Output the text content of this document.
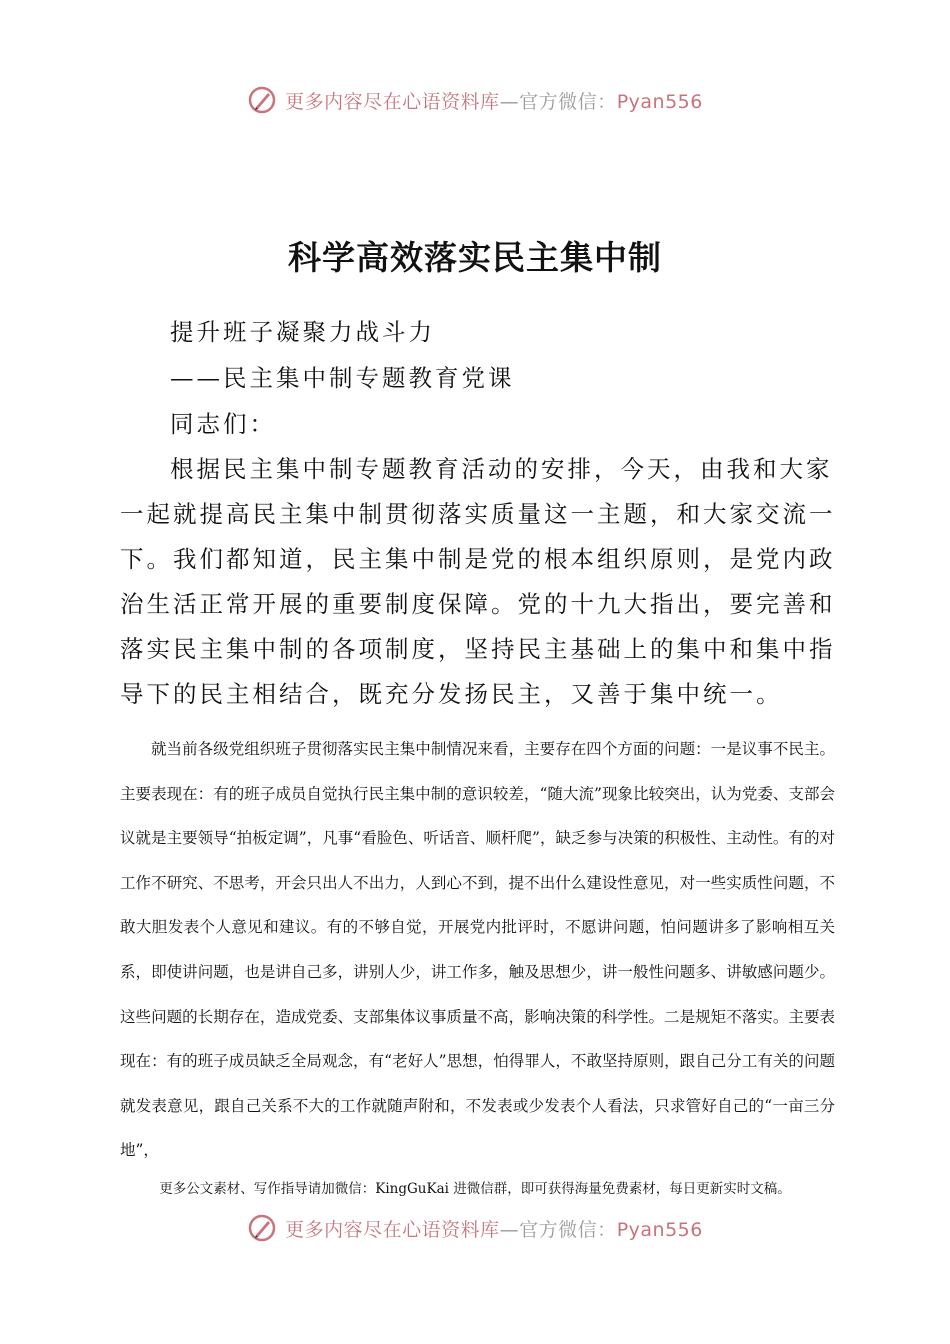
更多内容尽在心语资料库—官方微信：Pyan556
科学高效落实民主集中制

提升班子凝聚力战斗力

——民主集中制专题教育党课

同志们：

根据民主集中制专题教育活动的安排，今天，由我和大家

一起就提高民主集中制贯彻落实质量这一主题，和大家交流一

下。我们都知道，民主集中制是党的根本组织原则，是党内政

治生活正常开展的重要制度保障。党的十九大指出，要完善和

落实民主集中制的各项制度，坚持民主基础上的集中和集中指

导下的民主相结合，既充分发扬民主，又善于集中统一。

就当前各级党组织班子贯彻落实民主集中制情况来看，主要存在四个方面的问题：一是议事不民主。主要表现在：有的班子成员自觉执行民主集中制的意识较差，“随大流”现象比较突出，认为党委、支部会议就是主要领导“拍板定调”，凡事“看脸色、听话音、顺杆爬”，缺乏参与决策的积极性、主动性。有的对工作不研究、不思考，开会只出人不出力，人到心不到，提不出什么建设性意见，对一些实质性问题，不敢大胆发表个人意见和建议。有的不够自觉，开展党内批评时，不愿讲问题，怕问题讲多了影响相互关系，即使讲问题，也是讲自己多，讲别人少，讲工作多，触及思想少，讲一般性问题多、讲敏感问题少。这些问题的长期存在，造成党委、支部集体议事质量不高，影响决策的科学性。二是规矩不落实。主要表现在：有的班子成员缺乏全局观念，有“老好人”思想，怕得罪人，不敢坚持原则，跟自己分工有关的问题就发表意见，跟自己关系不大的工作就随声附和，不发表或少发表个人看法，只求管好自己的“一亩三分地”，

更多公文素材、写作指导请加微信：KingGuKai 进微信群，即可获得海量免费素材，每日更新实时文稿。

更多内容尽在心语资料库—官方微信：Pyan556
